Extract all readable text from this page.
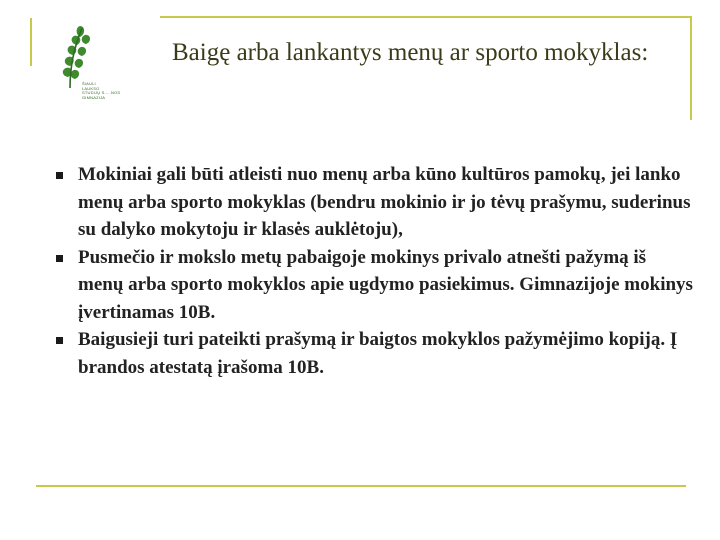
ŠIAULI
LAUKSO
STUDIJŲ S.....NOS
GIMNAZIJA
Baigę arba lankantys menų ar sporto mokyklas:
Mokiniai gali būti atleisti nuo menų arba kūno kultūros pamokų, jei lanko menų arba sporto mokyklas (bendru mokinio ir jo tėvų prašymu, suderinus su dalyko mokytoju ir klasės auklėtoju),
Pusmečio ir mokslo metų pabaigoje mokinys privalo atnešti pažymą iš menų arba sporto mokyklos apie ugdymo pasiekimus. Gimnazijoje mokinys įvertinamas 10B.
Baigusieji turi pateikti prašymą ir baigtos mokyklos pažymėjimo kopiją. Į brandos atestatą įrašoma 10B.
